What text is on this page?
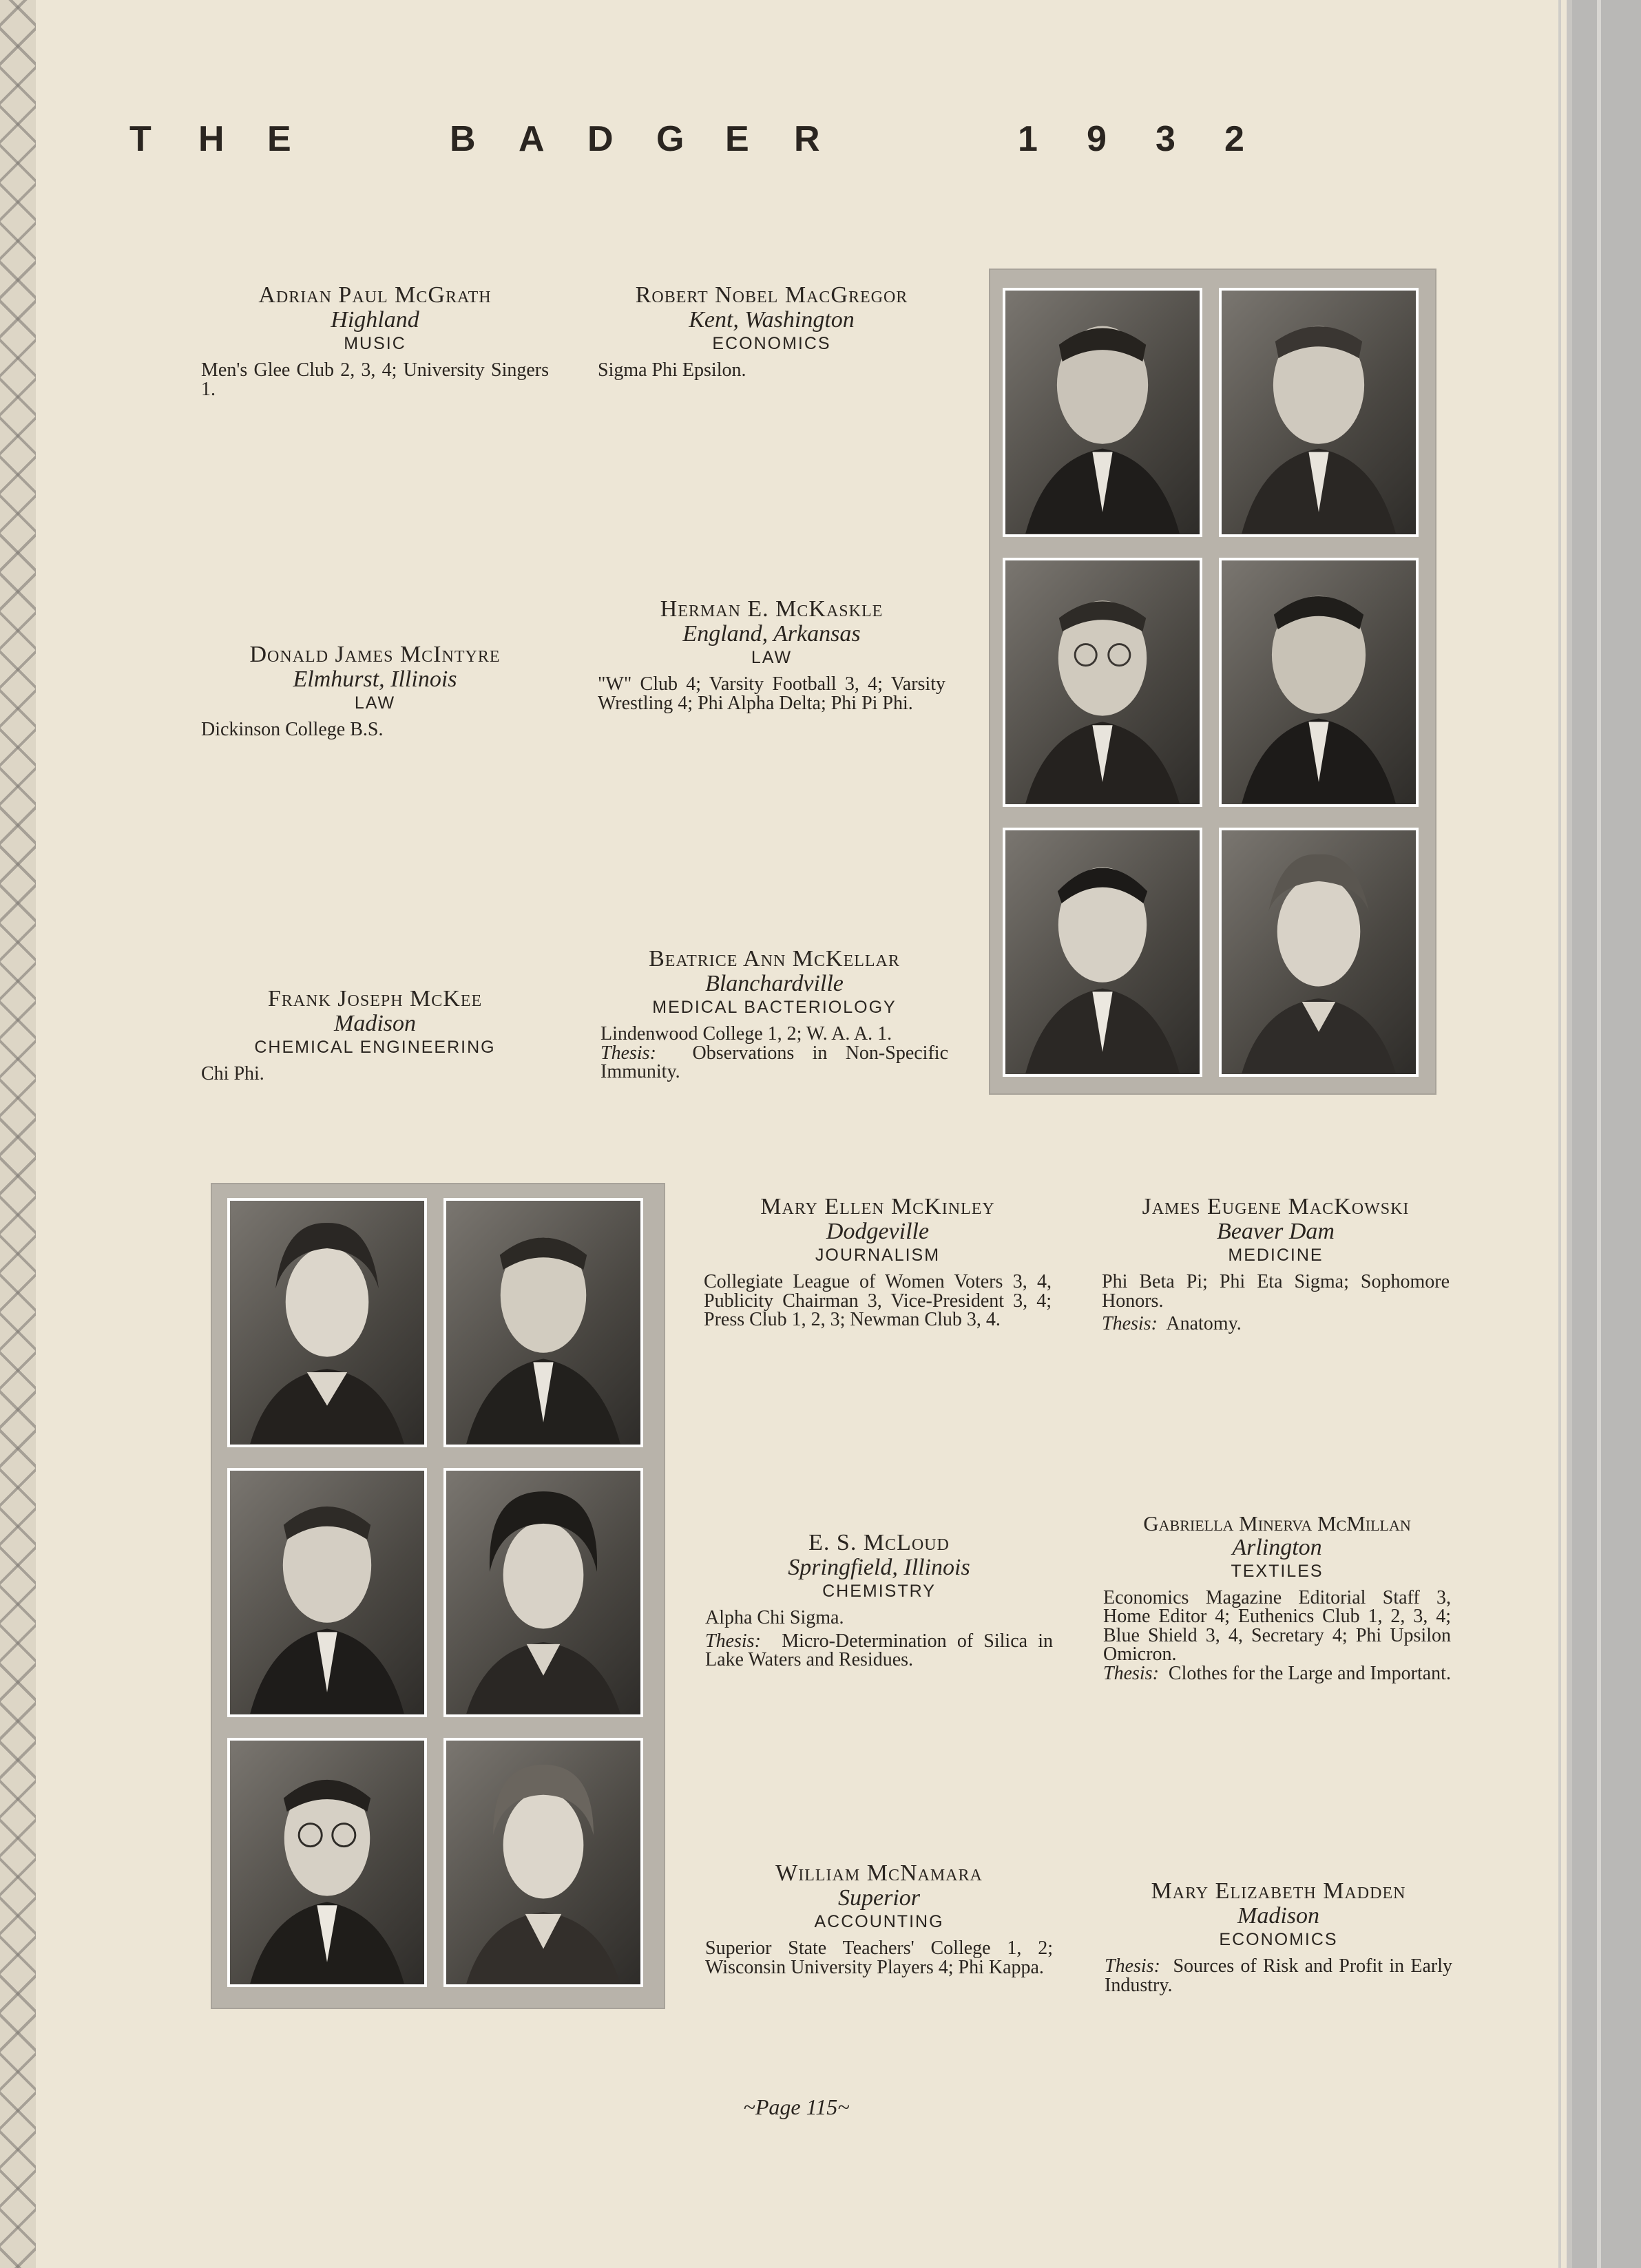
T	H	E	B	A	D	G	E	R	1	9	3	2
Adrian Paul McGrath
Highland
MUSIC
Men's Glee Club 2, 3, 4; University Singers 1.
Robert Nobel MacGregor
Kent, Washington
ECONOMICS
Sigma Phi Epsilon.
Donald James McIntyre
Elmhurst, Illinois
LAW
Dickinson College B.S.
Herman E. McKaskle
England, Arkansas
LAW
"W" Club 4; Varsity Football 3, 4; Varsity Wrestling 4; Phi Alpha Delta; Phi Pi Phi.
Frank Joseph McKee
Madison
CHEMICAL ENGINEERING
Chi Phi.
Beatrice Ann McKellar
Blanchardville
MEDICAL BACTERIOLOGY
Lindenwood College 1, 2; W. A. A. 1.
Thesis: Observations in Non-Specific Immunity.
Mary Ellen McKinley
Dodgeville
JOURNALISM
Collegiate League of Women Voters 3, 4, Publicity Chairman 3, Vice-President 3, 4; Press Club 1, 2, 3; Newman Club 3, 4.
James Eugene MacKowski
Beaver Dam
MEDICINE
Phi Beta Pi; Phi Eta Sigma; Sophomore Honors.
Thesis: Anatomy.
E. S. McLoud
Springfield, Illinois
CHEMISTRY
Alpha Chi Sigma.
Thesis: Micro-Determination of Silica in Lake Waters and Residues.
Gabriella Minerva McMillan
Arlington
TEXTILES
Economics Magazine Editorial Staff 3, Home Editor 4; Euthenics Club 1, 2, 3, 4; Blue Shield 3, 4, Secretary 4; Phi Upsilon Omicron.
Thesis: Clothes for the Large and Important.
William McNamara
Superior
ACCOUNTING
Superior State Teachers' College 1, 2; Wisconsin University Players 4; Phi Kappa.
Mary Elizabeth Madden
Madison
ECONOMICS
Thesis: Sources of Risk and Profit in Early Industry.
~Page 115~
